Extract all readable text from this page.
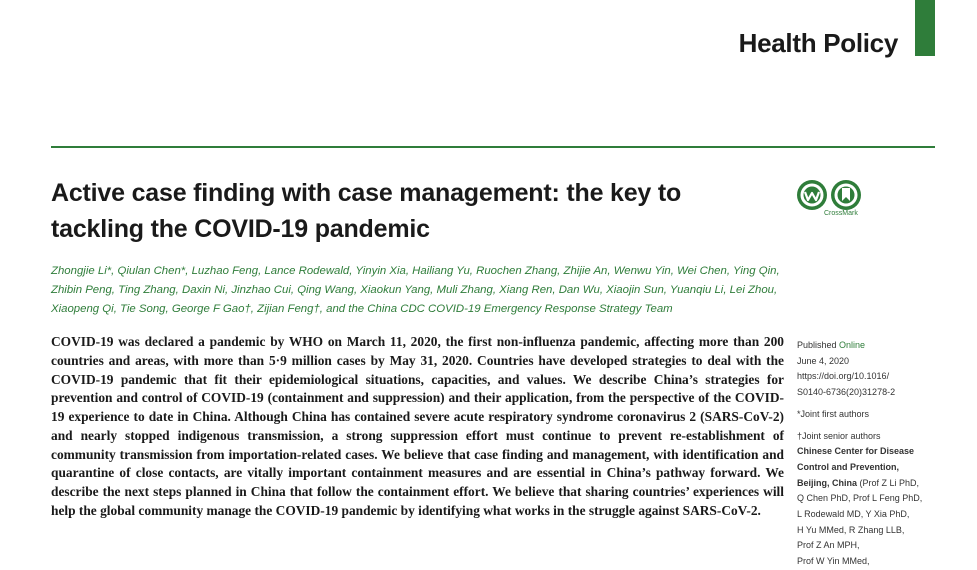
Health Policy
Active case finding with case management: the key to tackling the COVID-19 pandemic
CrossMark
Zhongjie Li*, Qiulan Chen*, Luzhao Feng, Lance Rodewald, Yinyin Xia, Hailiang Yu, Ruochen Zhang, Zhijie An, Wenwu Yin, Wei Chen, Ying Qin, Zhibin Peng, Ting Zhang, Daxin Ni, Jinzhao Cui, Qing Wang, Xiaokun Yang, Muli Zhang, Xiang Ren, Dan Wu, Xiaojin Sun, Yuanqiu Li, Lei Zhou, Xiaopeng Qi, Tie Song, George F Gao†, Zijian Feng†, and the China CDC COVID-19 Emergency Response Strategy Team
COVID-19 was declared a pandemic by WHO on March 11, 2020, the first non-influenza pandemic, affecting more than 200 countries and areas, with more than 5·9 million cases by May 31, 2020. Countries have developed strategies to deal with the COVID-19 pandemic that fit their epidemiological situations, capacities, and values. We describe China’s strategies for prevention and control of COVID-19 (containment and suppression) and their application, from the perspective of the COVID-19 experience to date in China. Although China has contained severe acute respiratory syndrome coronavirus 2 (SARS-CoV-2) and nearly stopped indigenous transmission, a strong suppression effort must continue to prevent re-establishment of community transmission from importation-related cases. We believe that case finding and management, with identification and quarantine of close contacts, are vitally important containment measures and are essential in China’s pathway forward. We describe the next steps planned in China that follow the containment effort. We believe that sharing countries’ experiences will help the global community manage the COVID-19 pandemic by identifying what works in the struggle against SARS-CoV-2.
Published Online
June 4, 2020
https://doi.org/10.1016/
S0140-6736(20)31278-2
*Joint first authors
†Joint senior authors
Chinese Center for Disease
Control and Prevention,
Beijing, China (Prof Z Li PhD,
Q Chen PhD, Prof L Feng PhD,
L Rodewald MD, Y Xia PhD,
H Yu MMed, R Zhang LLB,
Prof Z An MPH,
Prof W Yin MMed,
